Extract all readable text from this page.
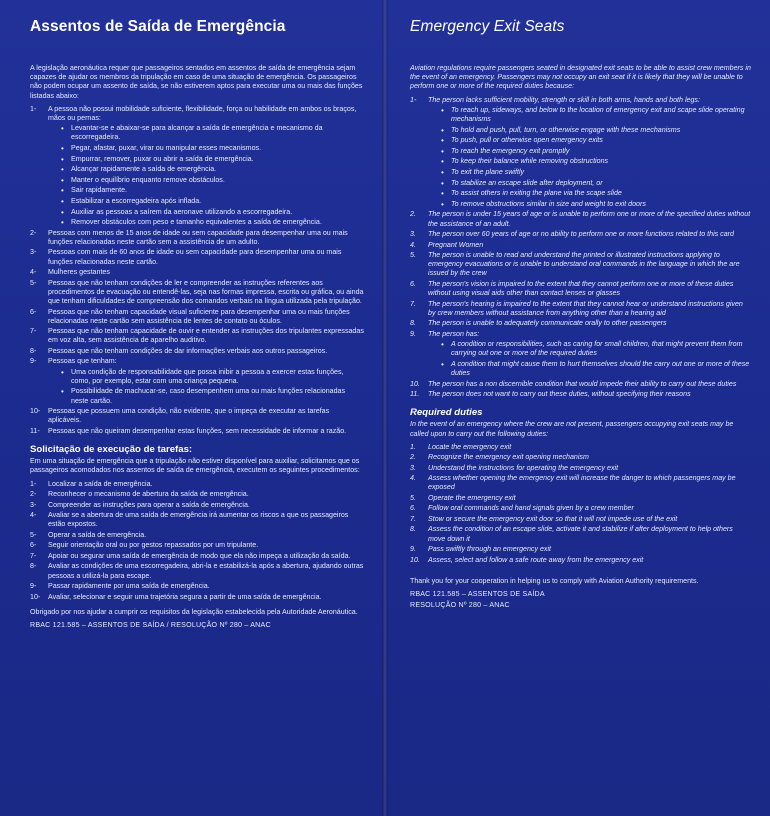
Assentos de Saída de Emergência

A legislação aeronáutica requer que passageiros sentados em assentos de saída de emergência sejam capazes de ajudar os membros da tripulação em caso de uma situação de emergência. Os passageiros não podem ocupar um assento de saída, se não estiverem aptos para executar uma ou mais das funções listadas abaixo:

1- A pessoa não possui mobilidade suficiente, flexibilidade, força ou habilidade em ambos os braços, mãos ou pernas:
• Levantar-se e abaixar-se para alcançar a saída de emergência e mecanismo da escorregadeira.
• Pegar, afastar, puxar, virar ou manipular esses mecanismos.
• Empurrar, remover, puxar ou abrir a saída de emergência.
• Alcançar rapidamente a saída de emergência.
• Manter o equilíbrio enquanto remove obstáculos.
• Sair rapidamente.
• Estabilizar a escorregadeira após inflada.
• Auxiliar as pessoas a saírem da aeronave utilizando a escorregadeira.
• Remover obstáculos com peso e tamanho equivalentes a saída de emergência.
2- Pessoas com menos de 15 anos de idade ou sem capacidade para desempenhar uma ou mais funções relacionadas neste cartão sem a assistência de um adulto.
3- Pessoas com mais de 60 anos de idade ou sem capacidade para desempenhar uma ou mais funções relacionadas neste cartão.
4- Mulheres gestantes
5- Pessoas que não tenham condições de ler e compreender as instruções referentes aos procedimentos de evacuação ou entendê-las, seja nas formas impressa, escrita ou gráfica, ou ainda que tenham dificuldades de compreensão dos comandos verbais na língua utilizada pela tripulação.
6- Pessoas que não tenham capacidade visual suficiente para desempenhar uma ou mais funções relacionadas neste cartão sem assistência de lentes de contato ou óculos.
7- Pessoas que não tenham capacidade de ouvir e entender as instruções dos tripulantes expressadas em voz alta, sem assistência de aparelho auditivo.
8- Pessoas que não tenham condições de dar informações verbais aos outros passageiros.
9- Pessoas que tenham:
• Uma condição de responsabilidade que possa inibir a pessoa a exercer estas funções, como, por exemplo, estar com uma criança pequena.
• Possibilidade de machucar-se, caso desempenhem uma ou mais funções relacionadas neste cartão.
10- Pessoas que possuem uma condição, não evidente, que o impeça de executar as tarefas aplicáveis.
11- Pessoas que não queiram desempenhar estas funções, sem necessidade de informar a razão.
Solicitação de execução de tarefas:

Em uma situação de emergência que a tripulação não estiver disponível para auxiliar, solicitamos que os passageiros acomodados nos assentos de saída de emergência, executem os seguintes procedimentos:

1- Localizar a saída de emergência.
2- Reconhecer o mecanismo de abertura da saída de emergência.
3- Compreender as instruções para operar a saída de emergência.
4- Avaliar se a abertura de uma saída de emergência irá aumentar os riscos a que os passageiros estão expostos.
5- Operar a saída de emergência.
6- Seguir orientação oral ou por gestos repassados por um tripulante.
7- Apoiar ou segurar uma saída de emergência de modo que ela não impeça a utilização da saída.
8- Avaliar as condições de uma escorregadeira, abri-la e estabilizá-la após a abertura, ajudando outras pessoas a utilizá-la para escape.
9- Passar rapidamente por uma saída de emergência.
10- Avaliar, selecionar e seguir uma trajetória segura a partir de uma saída de emergência.

Obrigado por nos ajudar a cumprir os requisitos da legislação estabelecida pela Autoridade Aeronáutica.

RBAC 121.585 – ASSENTOS DE SAÍDA / RESOLUÇÃO Nº 280 – ANAC

Emergency Exit Seats

Aviation regulations require passengers seated in designated exit seats to be able to assist crew members in the event of an emergency. Passengers may not occupy an exit seat if it is likely that they will be unable to perform one or more of the required duties because:

1- The person lacks sufficient mobility, strength or skill in both arms, hands and both legs:
• To reach up, sideways, and below to the location of emergency exit and scape slide operating mechanisms
• To hold and push, pull, turn, or otherwise engage with these mechanisms
• To push, pull or otherwise open emergency exits
• To reach the emergency exit promptly
• To keep their balance while removing obstructions
• To exit the plane swiftly
• To stabilize an escape slide after deployment, or
• To assist others in exiting the plane via the scape slide
• To remove obstructions similar in size and weight to exit doors
2. The person is under 15 years of age or is unable to perform one or more of the specified duties without the assistance of an adult.
3. The person over 60 years of age or no ability to perform one or more functions related to this card
4. Pregnant Women
5. The person is unable to read and understand the printed or illustrated instructions applying to emergency evacuations or is unable to understand oral commands in the language in which the are issued by the crew
6. The person's vision is impaired to the extent that they cannot perform one or more of these duties without using visual aids other than contact lenses or glasses
7. The person's hearing is impaired to the extent that they cannot hear or understand instructions given by crew members without assistance from anything other than a hearing aid
8. The person is unable to adequately communicate orally to other passengers
9. The person has:
• A condition or responsibilities, such as caring for small children, that might prevent them from carrying out one or more of the required duties
• A condition that might cause them to hurt themselves should the carry out one or more of these duties
10. The person has a non discernible condition that would impede their ability to carry out these duties
11. The person does not want to carry out these duties, without specifying their reasons
Required duties

In the event of an emergency where the crew are not present, passengers occupying exit seats may be called upon to carry out the following duties:

1. Locate the emergency exit
2. Recognize the emergency exit opening mechanism
3. Understand the instructions for operating the emergency exit
4. Assess whether opening the emergency exit will increase the danger to which passengers may be exposed
5. Operate the emergency exit
6. Follow oral commands and hand signals given by a crew member
7. Stow or secure the emergency exit door so that it will not impede use of the exit
8. Assess the condition of an escape slide, activate it and stabilize if after deployment to help others move down it
9. Pass swiftly through an emergency exit
10. Assess, select and follow a safe route away from the emergency exit

Thank you for your cooperation in helping us to comply with Aviation Authority requirements.

RBAC 121.585 – ASSENTOS DE SAÍDA

RESOLUÇÃO Nº 280 – ANAC
